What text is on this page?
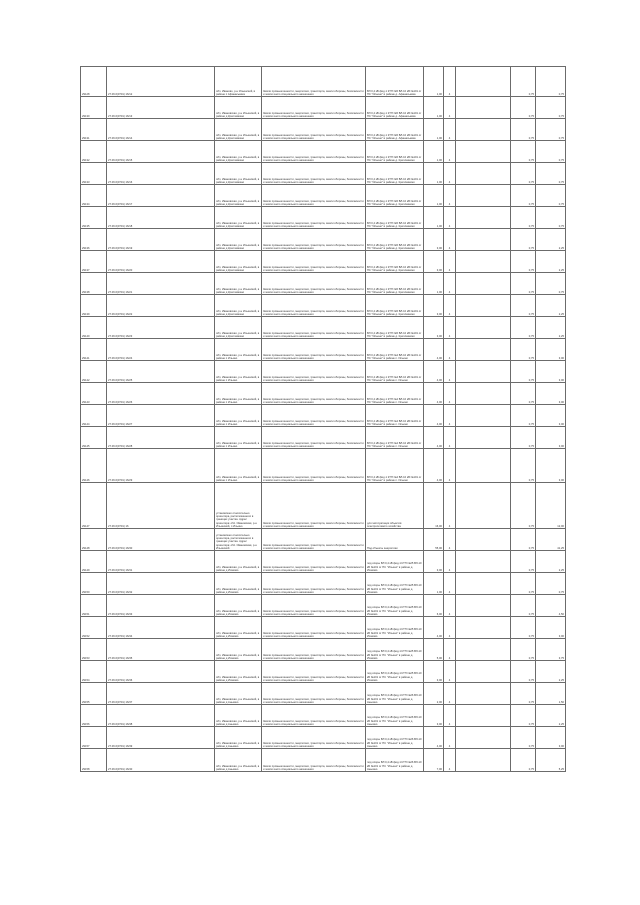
29128	27.06.6(0701) 16/12	обл. Иваново, р-н Ильинский, в районе п Афанасьевка	Земли промышленности, энергетики, транспорта, земли обороны, безопасности и земли иного специального назначения	ВЛ 0,4 кВ фид.1 КТП №5 ВЛ-10 кВ №101 от ПС "Ильино" в районе д. Афанасьевка	1,00	4		0,75	0,75
29130	27.06.6(0701) 16/13	обл. Ивановская, р-н Ильинский, в районе д Креплевкино	Земли промышленности, энергетики, транспорта, земли обороны, безопасности и земли иного специального назначения	ВЛ 0,4 кВ фид.1 КТП №5 ВЛ-10 кВ №101 от ПС "Ильино" в районе д. Афанасьевка	1,00	4		0,75	0,75
29131	27.06.6(0701) 16/14	обл. Ивановская, р-н Ильинский, в районе д Креплевкино	Земли промышленности, энергетики, транспорта, земли обороны, безопасности и земли иного специального назначения	ВЛ 0,4 кВ фид.1 КТП №5 ВЛ-10 кВ №101 от ПС "Ильино" в районе д. Афанасьевка	1,00	4		0,75	0,75
29132	27.06.6(0701) 16/15	обл. Ивановская, р-н Ильинский, в районе д Креплевкино	Земли промышленности, энергетики, транспорта, земли обороны, безопасности и земли иного специального назначения	ВЛ 0,4 кВ фид.1 КТП №5 ВЛ-10 кВ №101 от ПС "Ильино" в районе д. Креплевкино	1,00	4		0,75	0,75
29133	27.06.6(0701) 16/16	обл. Ивановская, р-н Ильинский, в районе д Креплевкино	Земли промышленности, энергетики, транспорта, земли обороны, безопасности и земли иного специального назначения	ВЛ 0,4 кВ фид.1 КТП №5 ВЛ-10 кВ №101 от ПС "Ильино" в районе д. Креплевкино	1,00	4		0,75	0,75
29134	27.06.6(0701) 16/17	обл. Ивановская, р-н Ильинский, в районе д Креплевкино	Земли промышленности, энергетики, транспорта, земли обороны, безопасности и земли иного специального назначения	ВЛ 0,4 кВ фид.1 КТП №5 ВЛ-10 кВ №101 от ПС "Ильино" в районе д. Креплевкино	1,00	4		0,75	0,75
29135	27.06.6(0701) 16/18	обл. Ивановская, р-н Ильинский, в районе д Креплевкино	Земли промышленности, энергетики, транспорта, земли обороны, безопасности и земли иного специального назначения	ВЛ 0,4 кВ фид.1 КТП №5 ВЛ-10 кВ №101 от ПС "Ильино" в районе д. Креплевкино	1,00	4		0,75	0,75
29136	27.06.6(0701) 16/19	обл. Ивановская, р-н Ильинский, в районе д Креплевкино	Земли промышленности, энергетики, транспорта, земли обороны, безопасности и земли иного специального назначения	ВЛ 0,4 кВ фид.1 КТП №5 ВЛ-10 кВ №101 от ПС "Ильино" в районе д. Креплевкино	3,00	4		0,75	2,25
29137	27.06.6(0701) 16/20	обл. Ивановская, р-н Ильинский, в районе д Креплевкино	Земли промышленности, энергетики, транспорта, земли обороны, безопасности и земли иного специального назначения	ВЛ 0,4 кВ фид.1 КТП №5 ВЛ-10 кВ №101 от ПС "Ильино" в районе д. Креплевкино	3,00	4		0,75	2,25
29138	27.06.6(0701) 16/21	обл. Ивановская, р-н Ильинский, в районе д Креплевкино	Земли промышленности, энергетики, транспорта, земли обороны, безопасности и земли иного специального назначения	ВЛ 0,4 кВ фид.1 КТП №5 ВЛ-10 кВ №101 от ПС "Ильино" в районе д. Креплевкино	1,00	4		0,75	0,75
29139	27.06.6(0701) 16/22	обл. Ивановская, р-н Ильинский, в районе д Креплевкино	Земли промышленности, энергетики, транспорта, земли обороны, безопасности и земли иного специального назначения	ВЛ 0,4 кВ фид.1 КТП №5 ВЛ-10 кВ №101 от ПС "Ильино" в районе д. Креплевкино	3,00	4		0,75	2,25
29140	27.06.6(0701) 16/23	обл. Ивановская, р-н Ильинский, в районе д Креплевкино	Земли промышленности, энергетики, транспорта, земли обороны, безопасности и земли иного специального назначения	ВЛ 0,4 кВ фид.1 КТП №5 ВЛ-10 кВ №101 от ПС "Ильино" в районе д. Креплевкино	3,00	4		0,75	2,25
29141	27.06.6(0701) 16/24	обл. Ивановская, р-н Ильинский, в районе п Ильино	Земли промышленности, энергетики, транспорта, земли обороны, безопасности и земли иного специального назначения	ВЛ 0,4 кВ фид.1 КТП №4 ВЛ-10 кВ №101 от ПС "Ильино" в районе п. Ильино	4,00	4		0,75	3,00
29142	27.06.6(0701) 16/25	обл. Ивановская, р-н Ильинский, в районе п Ильино	Земли промышленности, энергетики, транспорта, земли обороны, безопасности и земли иного специального назначения	ВЛ 0,4 кВ фид.1 КТП №4 ВЛ-10 кВ №101 от ПС "Ильино" в районе п. Ильино	4,00	4		0,75	3,00
29143	27.06.6(0701) 16/26	обл. Ивановская, р-н Ильинский, в районе п Ильино	Земли промышленности, энергетики, транспорта, земли обороны, безопасности и земли иного специального назначения	ВЛ 0,4 кВ фид.1 КТП №4 ВЛ-10 кВ №101 от ПС "Ильино" в районе п. Ильино	4,00	4		0,75	3,00
29144	27.06.6(0701) 16/27	обл. Ивановская, р-н Ильинский, в районе п Ильино	Земли промышленности, энергетики, транспорта, земли обороны, безопасности и земли иного специального назначения	ВЛ 0,4 кВ фид.1 КТП №4 ВЛ-10 кВ №101 от ПС "Ильино" в районе п. Ильино	4,00	4		0,75	3,00
29145	27.06.6(0701) 16/28	обл. Ивановская, р-н Ильинский, в районе п Ильино	Земли промышленности, энергетики, транспорта, земли обороны, безопасности и земли иного специального назначения	ВЛ 0,4 кВ фид.1 КТП №4 ВЛ-10 кВ №101 от ПС "Ильино" в районе п. Ильино	4,00	4		0,75	3,00
29146	27.06.6(0701) 16/29	обл. Ивановская, р-н Ильинский, в районе п Ильино	Земли промышленности, энергетики, транспорта, земли обороны, безопасности и земли иного специального назначения	ВЛ 0,4 кВ фид.1 КТП №4 ВЛ-10 кВ №101 от ПС "Ильино" в районе п. Ильино	4,00	4		0,75	3,00
29147	27.06.6(0701) 16	установлено относительно ориентира, расположенного в границах участка. Адрес ориентира: обл. Ивановская, р-н Ильинский, п Ильино	Земли промышленности, энергетики, транспорта, земли обороны, безопасности и земли иного специального назначения	для эксплуатации объектов электросетевого хозяйства	16,00	4		0,75	12,00
29148	27.06.6(0701) 16/30	установлено относительно ориентира, расположенного в границах участка. Адрес ориентира: обл. Ивановская, р-н Ильинский	Земли промышленности, энергетики, транспорта, земли обороны, безопасности и земли иного специального назначения	Под объекты энергетики	55,00	4		0,75	41,25
29149	27.06.6(0701) 16/31	обл. Ивановская, р-н Ильинский, в районе д Исаково	Земли промышленности, энергетики, транспорта, земли обороны, безопасности и земли иного специального назначения	под опоры ВЛ 0,4 кВ фид.1 КТП №25 ВЛ-10 кВ №101 от ПС "Ильино" в районе д. Исаково	3,00	4		0,75	2,25
29150	27.06.6(0701) 16/32	обл. Ивановская, р-н Ильинский, в районе д Исаково	Земли промышленности, энергетики, транспорта, земли обороны, безопасности и земли иного специального назначения	под опоры ВЛ 0,4 кВ фид.1 КТП №25 ВЛ-10 кВ №101 от ПС "Ильино" в районе д. Исаково	1,00	4		0,75	0,75
29151	27.06.6(0701) 16/33	обл. Ивановская, р-н Ильинский, в районе д Исаково	Земли промышленности, энергетики, транспорта, земли обороны, безопасности и земли иного специального назначения	под опоры ВЛ 0,4 кВ фид.1 КТП №25 ВЛ-10 кВ №101 от ПС "Ильино" в районе д. Исаково	6,00	4		0,75	4,50
29152	27.06.6(0701) 16/34	обл. Ивановская, р-н Ильинский, в районе д Исаково	Земли промышленности, энергетики, транспорта, земли обороны, безопасности и земли иного специального назначения	под опоры ВЛ 0,4 кВ фид.1 КТП №25 ВЛ-10 кВ №101 от ПС "Ильино" в районе д. Исаково	4,00	4		0,75	3,00
29153	27.06.6(0701) 16/35	обл. Ивановская, р-н Ильинский, в районе д Исаково	Земли промышленности, энергетики, транспорта, земли обороны, безопасности и земли иного специального назначения	под опоры ВЛ 0,4 кВ фид.1 КТП №25 ВЛ-10 кВ №101 от ПС "Ильино" в районе д. Исаково	5,00	4		0,75	3,75
29154	27.06.6(0701) 16/36	обл. Ивановская, р-н Ильинский, в районе д Исаково	Земли промышленности, энергетики, транспорта, земли обороны, безопасности и земли иного специального назначения	под опоры ВЛ 0,4 кВ фид.1 КТП №25 ВЛ-10 кВ №101 от ПС "Ильино" в районе д. Исаково	3,00	4		0,75	2,25
29155	27.06.6(0701) 16/37	обл. Ивановская, р-н Ильинский, в районе д Анькино	Земли промышленности, энергетики, транспорта, земли обороны, безопасности и земли иного специального назначения	под опоры ВЛ 0,4 кВ фид.1 КТП №26 ВЛ-10 кВ №101 от ПС "Ильино" в районе д. Анькино	2,00	4		0,75	1,50
29156	27.06.6(0701) 16/38	обл. Ивановская, р-н Ильинский, в районе д Анькино	Земли промышленности, энергетики, транспорта, земли обороны, безопасности и земли иного специального назначения	под опоры ВЛ 0,4 кВ фид.1 КТП №26 ВЛ-10 кВ №101 от ПС "Ильино" в районе д. Анькино	3,00	4		0,75	2,25
29157	27.06.6(0701) 16/39	обл. Ивановская, р-н Ильинский, в районе д Анькино	Земли промышленности, энергетики, транспорта, земли обороны, безопасности и земли иного специального назначения	под опоры ВЛ 0,4 кВ фид.1 КТП №26 ВЛ-10 кВ №101 от ПС "Ильино" в районе д. Анькино	4,00	4		0,75	3,00
29158	27.06.6(0701) 16/40	обл. Ивановская, р-н Ильинский, в районе д Анькино	Земли промышленности, энергетики, транспорта, земли обороны, безопасности и земли иного специального назначения	под опоры ВЛ 0,4 кВ фид.1 КТП №26 ВЛ-10 кВ №101 от ПС "Ильино" в районе д. Анькино	7,00	4		0,75	5,25
